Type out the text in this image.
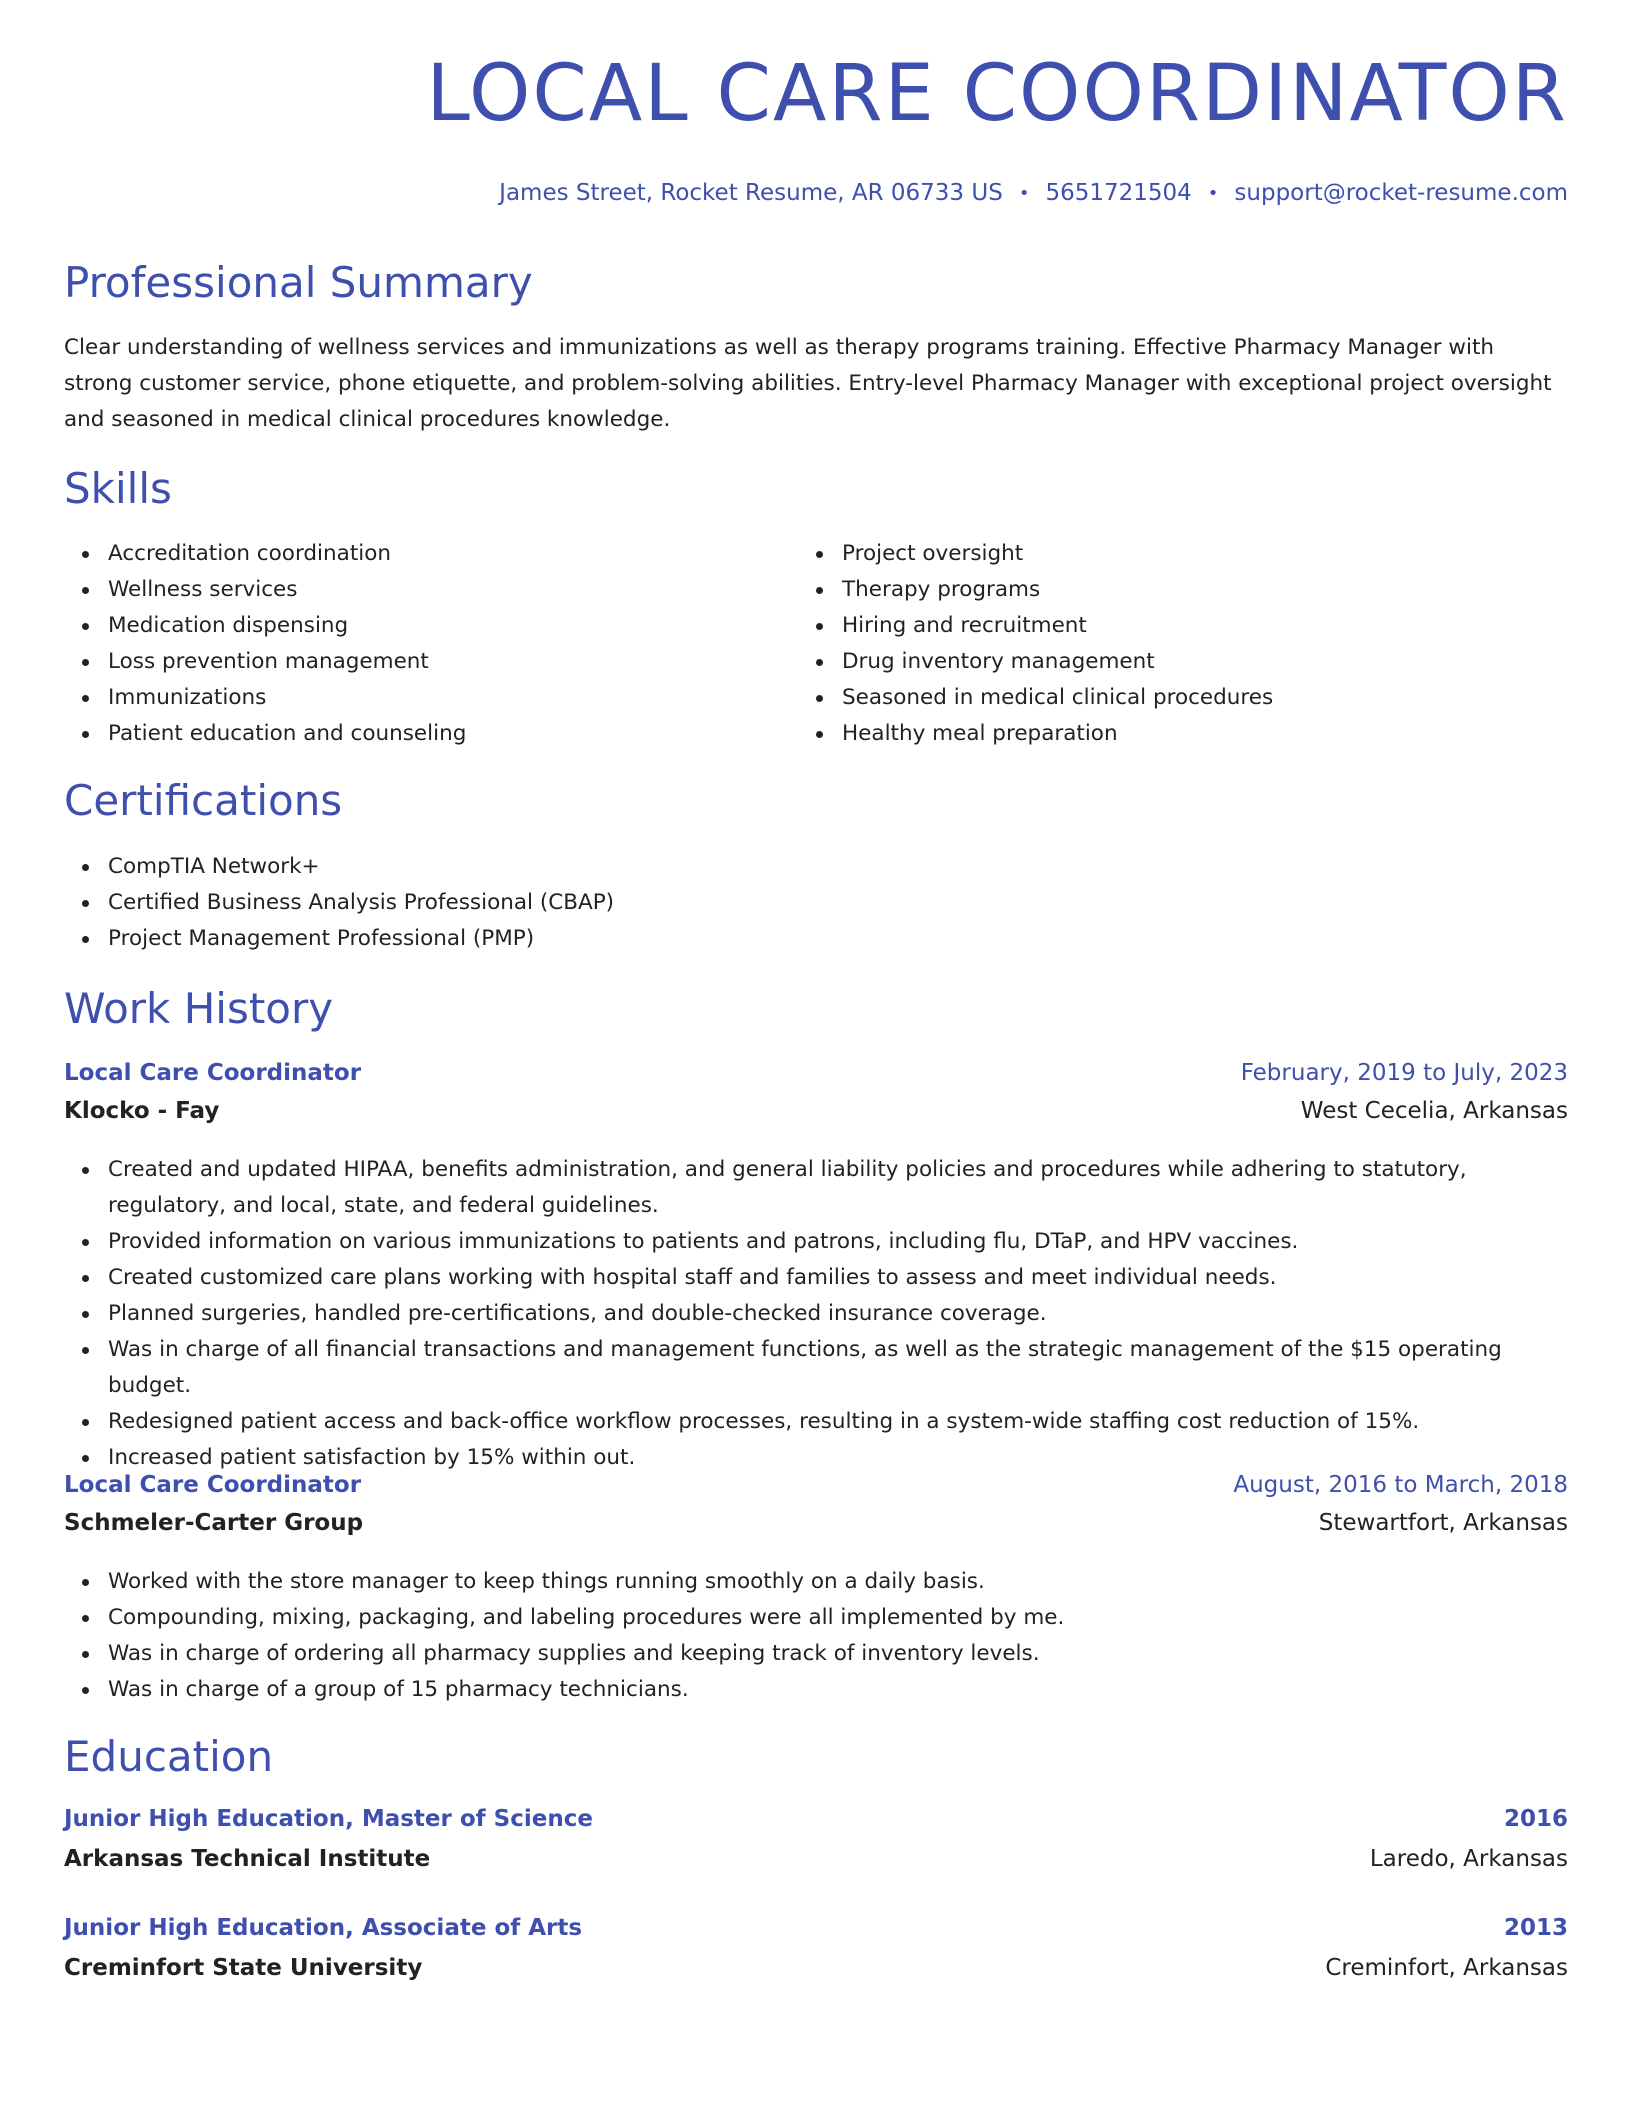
LOCAL CARE COORDINATOR
James Street, Rocket Resume, AR 06733 US • 5651721504 • support@rocket-resume.com
Professional Summary

Clear understanding of wellness services and immunizations as well as therapy programs training. Effective Pharmacy Manager with strong customer service, phone etiquette, and problem-solving abilities. Entry-level Pharmacy Manager with exceptional project oversight and seasoned in medical clinical procedures knowledge.

Skills
Accreditation coordination
Wellness services
Medication dispensing
Loss prevention management
Immunizations
Patient education and counseling
Project oversight
Therapy programs
Hiring and recruitment
Drug inventory management
Seasoned in medical clinical procedures
Healthy meal preparation
Certifications
CompTIA Network+
Certified Business Analysis Professional (CBAP)
Project Management Professional (PMP)
Work History
Local Care Coordinator	February, 2019 to July, 2023
Klocko - Fay	West Cecelia, Arkansas
Created and updated HIPAA, benefits administration, and general liability policies and procedures while adhering to statutory, regulatory, and local, state, and federal guidelines.
Provided information on various immunizations to patients and patrons, including flu, DTaP, and HPV vaccines.
Created customized care plans working with hospital staff and families to assess and meet individual needs.
Planned surgeries, handled pre-certifications, and double-checked insurance coverage.
Was in charge of all financial transactions and management functions, as well as the strategic management of the $15 operating budget.
Redesigned patient access and back-office workflow processes, resulting in a system-wide staffing cost reduction of 15%.
Increased patient satisfaction by 15% within out.
Local Care Coordinator	August, 2016 to March, 2018
Schmeler-Carter Group	Stewartfort, Arkansas
Worked with the store manager to keep things running smoothly on a daily basis.
Compounding, mixing, packaging, and labeling procedures were all implemented by me.
Was in charge of ordering all pharmacy supplies and keeping track of inventory levels.
Was in charge of a group of 15 pharmacy technicians.
Education
Junior High Education, Master of Science	2016
Arkansas Technical Institute	Laredo, Arkansas
Junior High Education, Associate of Arts	2013
Creminfort State University	Creminfort, Arkansas
